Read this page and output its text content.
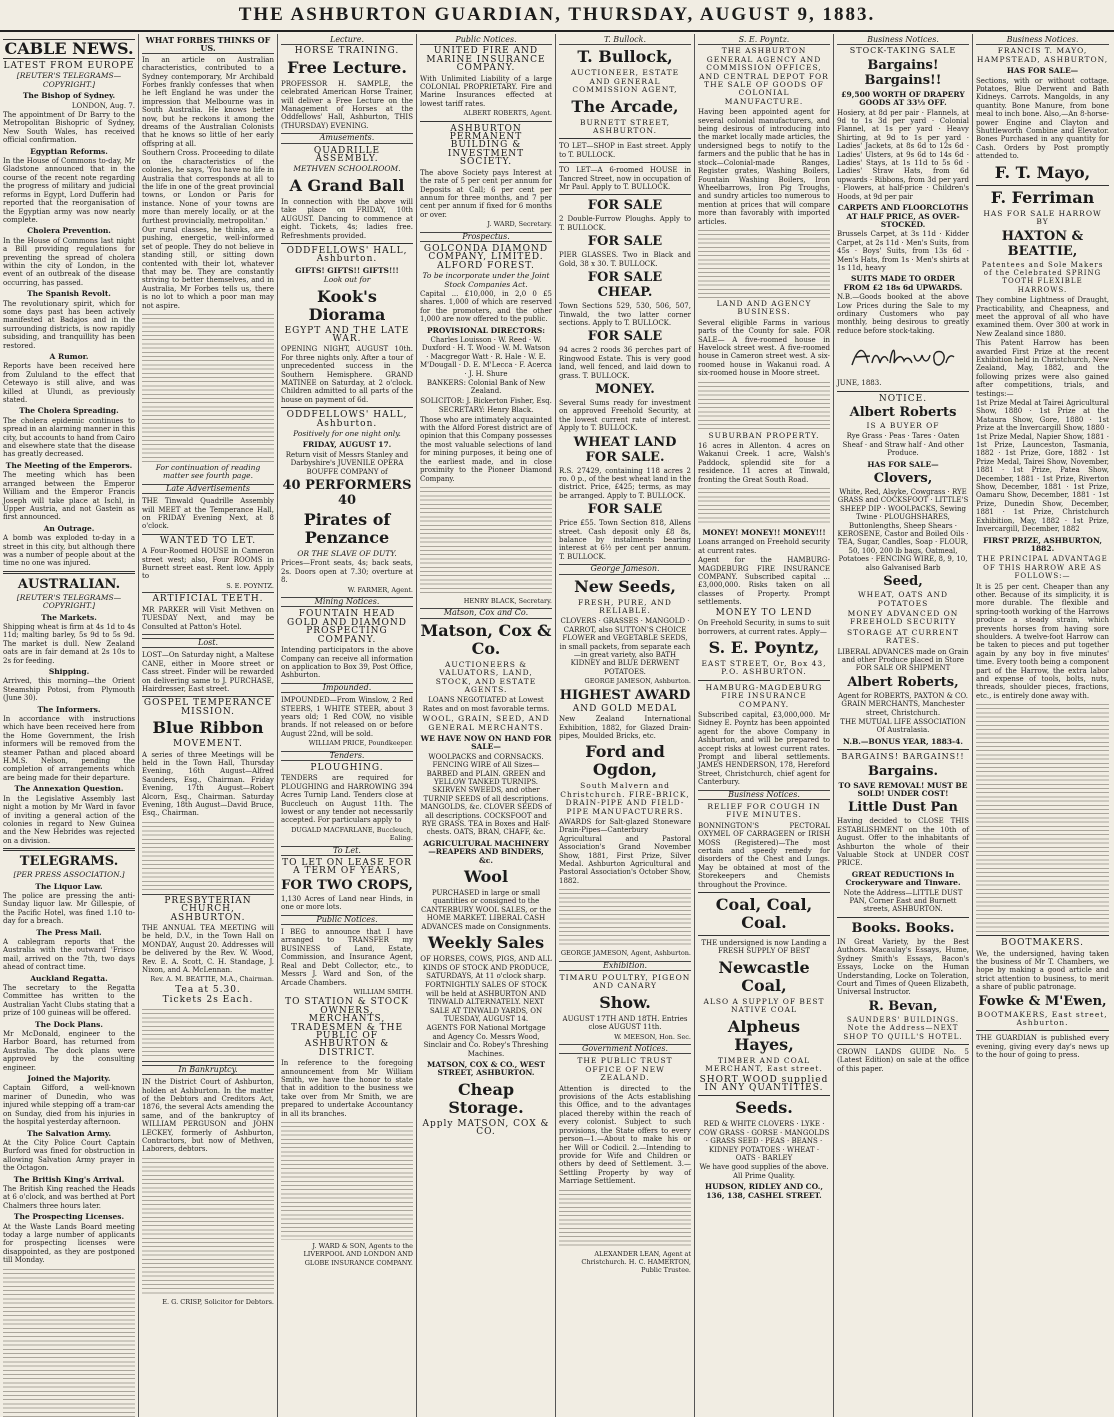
THE ASHBURTON GUARDIAN, THURSDAY, AUGUST 9, 1883.
CABLE NEWS.
LATEST FROM EUROPE
[REUTER'S TELEGRAMS—COPYRIGHT.]
The Bishop of Sydney.
LONDON, Aug. 7.

The appointment of Dr Barry to the Metropolitan Bishopric of Sydney, New South Wales, has received official confirmation.

Egyptian Reforms.

In the House of Commons to-day, Mr Gladstone announced that in the course of the recent note regarding the progress of military and judicial reforms in Egypt, Lord Dufferin had reported that the reorganisation of the Egyptian army was now nearly complete.

Cholera Prevention.

In the House of Commons last night a Bill providing regulations for preventing the spread of cholera within the city of London, in the event of an outbreak of the disease occurring, has passed.

The Spanish Revolt.

The revolutionary spirit, which for some days past has been actively manifested at Badajos and in the surrounding districts, is now rapidly subsiding, and tranquillity has been restored.

A Rumor.

Reports have been received here from Zululand to the effect that Cetewayo is still alive, and was killed at Ulundi, as previously stated.

The Cholera Spreading.

The cholera epidemic continues to spread in an alarming manner in this city, but accounts to hand from Cairo and elsewhere state that the disease has greatly decreased.

The Meeting of the Emperors.

The meeting which has been arranged between the Emperor William and the Emperor Francis Joseph will take place at Ischl, in Upper Austria, and not Gastein as first announced.

An Outrage.

A bomb was exploded to-day in a street in this city, but although there was a number of people about at the time no one was injured.

AUSTRALIAN.
[REUTER'S TELEGRAMS—COPYRIGHT.]
The Markets.

Shipping wheat is firm at 4s 1d to 4s 11d; malting barley, 5s 9d to 5s 9d. The market is dull. New Zealand oats are in fair demand at 2s 10s to 2s for feeding.

Shipping.

Arrived, this morning—the Orient Steamship Potosi, from Plymouth (June 30).

The Informers.

In accordance with instructions which have been received here from the Home Government, the Irish informers will be removed from the steamer Pathan and placed aboard H.M.S. Nelson, pending the completion of arrangements which are being made for their departure.

The Annexation Question.

In the Legislative Assembly last night a motion by Mr Ward in favor of inviting a general action of the colonies in regard to New Guinea and the New Hebrides was rejected on a division.

TELEGRAMS.
[PER PRESS ASSOCIATION.]
The Liquor Law.

The police are pressing the anti-Sunday liquor law. Mr Gillespie, of the Pacific Hotel, was fined 1.10 to-day for a breach.

The Press Mail.

A cablegram reports that the Australia with the outward 'Frisco mail, arrived on the 7th, two days ahead of contract time.

Auckland Regatta.

The secretary to the Regatta Committee has written to the Australian Yacht Clubs stating that a prize of 100 guineas will be offered.

The Dock Plans.

Mr McDonald, engineer to the Harbor Board, has returned from Australia. The dock plans were approved by the consulting engineer.

Joined the Majority.

Captain Gifford, a well-known mariner of Dunedin, who was injured while stepping off a tram-car on Sunday, died from his injuries in the hospital yesterday afternoon.

The Salvation Army.

At the City Police Court Captain Burford was fined for obstruction in allowing Salvation Army prayer in the Octagon.

The British King's Arrival.

The British King reached the Heads at 6 o'clock, and was berthed at Port Chalmers three hours later.

The Prospecting Licenses.

At the Waste Lands Board meeting today a large number of applicants for prospecting licenses were disappointed, as they are postponed till Monday.

WHAT FORBES THINKS OF US.

In an article on Australian characteristics, contributed to a Sydney contemporary, Mr Archibald Forbes frankly confesses that when he left England he was under the impression that Melbourne was in South Australia. He knows better now, but he reckons it among the dreams of the Australian Colonists that he knows so little of her early offspring at all.

Southern Cross. Proceeding to dilate on the characteristics of the colonies, he says, 'You have no life in Australia that corresponds at all to the life in one of the great provincial towns, or London or Paris for instance. None of your towns are more than merely locally, or at the furthest provincially, metropolitan.'

Our rural classes, he thinks, are a pushing, energetic, well-informed set of people. They do not believe in standing still, or sitting down contented with their lot, whatever that may be. They are constantly striving to better themselves, and in Australia, Mr Forbes tells us, there is no lot to which a poor man may not aspire.

For continuation of reading matter see fourth page.
Late Advertisements

THE Tinwald Quadrille Assembly will MEET at the Temperance Hall, on FRIDAY Evening Next, at 8 o'clock.

WANTED TO LET.

A Four-Roomed HOUSE in Cameron street west; also, Four ROOMS in Burnett street east. Rent low. Apply to

S. E. POYNTZ.
ARTIFICIAL TEETH.

MR PARKER will Visit Methven on TUESDAY Next, and may be Consulted at Patton's Hotel.

Lost.

LOST—On Saturday night, a Maltese CANE, either in Moore street or Cass street. Finder will be rewarded on delivering same to J. PURCHASE, Hairdresser, East street.

GOSPEL TEMPERANCE MISSION.
Blue Ribbon
MOVEMENT.

A series of three Meetings will be held in the Town Hall, Thursday Evening, 16th August—Alfred Saunders, Esq., Chairman. Friday Evening, 17th August—Robert Alcorn, Esq., Chairman. Saturday Evening, 18th August—David Bruce, Esq., Chairman.

PRESBYTERIAN CHURCH, ASHBURTON.

THE ANNUAL TEA MEETING will be held, D.V., in the Town Hall on MONDAY, August 20. Addresses will be delivered by the Rev. W. Wood, Rev. E. A. Scott, C. H. Standage, J. Nixon, and A. McLennan.

Rev. A. M. BEATTIE, M.A., Chairman.
Tea at 5.30.
Tickets 2s Each.
In Bankruptcy.

IN the District Court of Ashburton, holden at Ashburton. In the matter of the Debtors and Creditors Act, 1876, the several Acts amending the same, and of the bankruptcy of WILLIAM PERGUSON and JOHN LECKEY, formerly of Ashburton, Contractors, but now of Methven, Laborers, debtors.

E. G. CRISP, Solicitor for Debtors.
Lecture.
HORSE TRAINING.
Free Lecture.

PROFESSOR H. SAMPLE, the celebrated American Horse Trainer, will deliver a Free Lecture on the Management of Horses at the Oddfellows' Hall, Ashburton, THIS (THURSDAY) EVENING.

Amusements.
QUADRILLE ASSEMBLY.
METHVEN SCHOOLROOM.
A Grand Ball

In connection with the above will take place on FRIDAY, 10th AUGUST. Dancing to commence at eight. Tickets, 4s; ladies free. Refreshments provided.

ODDFELLOWS' HALL, Ashburton.
GIFTS! GIFTS!! GIFTS!!!
Look out for
Kook's Diorama
EGYPT AND THE LATE WAR.

OPENING NIGHT, AUGUST 10th. For three nights only. After a tour of unprecedented success in the Southern Hemisphere. GRAND MATINEE on Saturday, at 2 o'clock. Children admitted to all parts of the house on payment of 6d.

ODDFELLOWS' HALL, Ashburton.
Positively for one night only.
FRIDAY, AUGUST 17.

Return visit of Messrs Stanley and Darbyshire's JUVENILE OPERA BOUFFE COMPANY of

40 PERFORMERS 40
Pirates of Penzance
OR THE SLAVE OF DUTY.

Prices—Front seats, 4s; back seats, 2s. Doors open at 7.30; overture at 8.

W. FARMER, Agent.
Mining Notices.
FOUNTAIN HEAD GOLD AND DIAMOND PROSPECTING COMPANY.

Intending participators in the above Company can receive all information on application to Box 39, Post Office, Ashburton.

Impounded.

IMPOUNDED—From Winslow, 2 Red STEERS, 1 WHITE STEER, about 3 years old; 1 Red COW, no visible brands. If not released on or before August 22nd, will be sold.

WILLIAM PRICE, Poundkeeper.
Tenders.
PLOUGHING.

TENDERS are required for PLOUGHING and HARROWING 394 Acres Turnip Land. Tenders close at Buccleuch on August 11th. The lowest or any tender not necessarily accepted. For particulars apply to

DUGALD MACFARLANE, Buccleuch, Ealing.
To Let.
TO LET ON LEASE FOR A TERM OF YEARS,
FOR TWO CROPS,

1,130 Acres of Land near Hinds, in one or more lots.

Public Notices.

I BEG to announce that I have arranged to TRANSFER my BUSINESS of Land, Estate, Commission, and Insurance Agent, Real and Debt Collector, etc., to Messrs J. Ward and Son, of the Arcade Chambers.

WILLIAM SMITH.
TO STATION & STOCK OWNERS, MERCHANTS, TRADESMEN & THE PUBLIC OF ASHBURTON & DISTRICT.

In reference to the foregoing announcement from Mr William Smith, we have the honor to state that in addition to the business we take over from Mr Smith, we are prepared to undertake Accountancy in all its branches.

J. WARD & SON, Agents to the LIVERPOOL AND LONDON AND GLOBE INSURANCE COMPANY.
Public Notices.
UNITED FIRE AND MARINE INSURANCE COMPANY.

With Unlimited Liability of a large COLONIAL PROPRIETARY. Fire and Marine Insurances effected at lowest tariff rates.

ALBERT ROBERTS, Agent.
ASHBURTON PERMANENT BUILDING & INVESTMENT SOCIETY.

The above Society pays Interest at the rate of 5 per cent per annum for Deposits at Call; 6 per cent per annum for three months, and 7 per cent per annum if fixed for 6 months or over.

J. WARD, Secretary.
Prospectus.
GOLCONDA DIAMOND COMPANY, LIMITED. ALFORD FOREST.
To be incorporate under the Joint Stock Companies Act.

Capital ... £10,000, in 2,0 0 £5 shares. 1,000 of which are reserved for the promoters, and the other 1,000 are now offered to the public.

PROVISIONAL DIRECTORS:

Charles Louisson · W. Reed · W. Duxford · H. T. Wood · W. M. Watson · Macgregor Watt · R. Hale · W. E. M'Dougall · D. E. M'Lecca · F. Acerca · J. H. Shure

BANKERS: Colonial Bank of New Zealand.

SOLICITOR: J. Bickerton Fisher, Esq.

SECRETARY: Henry Black.

Those who are intimately acquainted with the Alford Forest district are of opinion that this Company possesses the most valuable selections of land for mining purposes, it being one of the earliest made, and in close proximity to the Pioneer Diamond Company.

HENRY BLACK, Secretary.
Matson, Cox and Co.
Matson, Cox & Co.
AUCTIONEERS & VALUATORS, LAND, STOCK, AND ESTATE AGENTS.

LOANS NEGOTIATED at Lowest Rates and on most favorable terms.

WOOL, GRAIN, SEED, AND GENERAL MERCHANTS.
WE HAVE NOW ON HAND FOR SALE—

WOOLPACKS and CORNSACKS. FENCING WIRE of All Sizes—BARBED and PLAIN. GREEN and YELLOW TANKED TURNIPS. SKIRVEN SWEEDS, and other TURNIP SEEDS of all descriptions. MANGOLDS, &c. CLOVER SEEDS of all descriptions. COCKSFOOT and RYE GRASS. TEA in Boxes and Half-chests. OATS, BRAN, CHAFF, &c.

AGRICULTURAL MACHINERY—REAPERS AND BINDERS, &c.
Wool

PURCHASED in large or small quantities or consigned to the CANTERBURY WOOL SALES, or the HOME MARKET. LIBERAL CASH ADVANCES made on Consignments.

Weekly Sales

OF HORSES, COWS, PIGS, AND ALL KINDS OF STOCK AND PRODUCE, SATURDAYS, At 11 o'clock sharp.

FORTNIGHTLY SALES OF STOCK will be held at ASHBURTON AND TINWALD ALTERNATELY. NEXT SALE AT TINWALD YARDS, ON TUESDAY, AUGUST 14.

AGENTS FOR National Mortgage and Agency Co. Messrs Wood, Sinclair and Co. Robey's Threshing Machines.

MATSON, COX & CO., WEST STREET, ASHBURTON.
Cheap Storage.
Apply MATSON, COX & CO.
T. Bullock.
T. Bullock,
AUCTIONEER, ESTATE AND GENERAL COMMISSION AGENT,
The Arcade,
BURNETT STREET, ASHBURTON.

TO LET—SHOP in East street. Apply to T. BULLOCK.

TO LET—A 6-roomed HOUSE in Tancred Street, now in occupation of Mr Paul. Apply to T. BULLOCK.

FOR SALE

2 Double-Furrow Ploughs. Apply to T. BULLOCK.

FOR SALE

PIER GLASSES. Two in Black and Gold, 38 x 30. T. BULLOCK.

FOR SALE CHEAP.

Town Sections 529, 530, 506, 507, Tinwald, the two latter corner sections. Apply to T. BULLOCK.

FOR SALE

94 acres 2 roods 36 perches part of Ringwood Estate. This is very good land, well fenced, and laid down to grass. T. BULLOCK.

MONEY.

Several Sums ready for investment on approved Freehold Security, at the lowest current rate of interest. Apply to T. BULLOCK.

WHEAT LAND FOR SALE.

R.S. 27429, containing 118 acres 2 ro. 0 p., of the best wheat land in the district. Price, £425; terms, as may be arranged. Apply to T. BULLOCK.

FOR SALE

Price £55. Town Section 818, Allens street. Cash deposit only £8 8s, balance by instalments bearing interest at 6½ per cent per annum. T. BULLOCK.

George Jameson.
New Seeds,
FRESH, PURE, AND RELIABLE.

CLOVERS · GRASSES · MANGOLD · CARROT, also SUTTON'S CHOICE FLOWER and VEGETABLE SEEDS, in small packets, from separate each—in great variety, also BATH KIDNEY and BLUE DERWENT POTATOES.

GEORGE JAMESON, Ashburton.
HIGHEST AWARD
AND GOLD MEDAL

New Zealand International Exhibition, 1882, for Glazed Drain-pipes, Moulded Bricks, etc.

Ford and Ogdon,
South Malvern and Christchurch. FIRE-BRICK, DRAIN-PIPE AND FIELD-PIPE MANUFACTURERS.

AWARDS for Salt-glazed Stoneware Drain-Pipes—Canterbury Agricultural and Pastoral Association's Grand November Show, 1881, First Prize, Silver Medal. Ashburton Agricultural and Pastoral Association's October Show, 1882.

GEORGE JAMESON, Agent, Ashburton.
Exhibition.
TIMARU POULTRY, PIGEON AND CANARY
Show.

AUGUST 17TH AND 18TH. Entries close AUGUST 11th.

W. MEESON, Hon. Sec.
Government Notices.
THE PUBLIC TRUST OFFICE OF NEW ZEALAND.

Attention is directed to the provisions of the Acts establishing this Office, and to the advantages placed thereby within the reach of every colonist. Subject to such provisions, the State offers to every person—1.—About to make his or her Will or Codicil. 2.—Intending to provide for Wife and Children or others by deed of Settlement. 3.—Settling Property by way of Marriage Settlement.

ALEXANDER LEAN, Agent at Christchurch. H. C. HAMERTON, Public Trustee.
S. E. Poyntz.
THE ASHBURTON GENERAL AGENCY AND COMMISSION OFFICES, AND CENTRAL DEPOT FOR THE SALE OF GOODS OF COLONIAL MANUFACTURE.

Having been appointed agent for several colonial manufacturers, and being desirous of introducing into the market locally made articles, the undersigned begs to notify to the farmers and the public that he has in stock—Colonial-made Ranges, Register grates, Washing Boilers, Fountain Washing Boilers, Iron Wheelbarrows, Iron Pig Troughs, and sundry articles too numerous to mention at prices that will compare more than favorably with imported articles.

LAND AND AGENCY BUSINESS.

Several eligible Farms in various parts of the County for sale. FOR SALE— A five-roomed house in Havelock street west. A five-roomed house in Cameron street west. A six-roomed house in Wakanui road. A six-roomed house in Moore street.

SUBURBAN PROPERTY.

16 acres in Allenton. 4 acres on Wakanui Creek. 1 acre, Walsh's Paddock, splendid site for a residence. 11 acres at Tinwald, fronting the Great South Road.

MONEY! MONEY!! MONEY!!!

Loans arranged on Freehold security at current rates.

Agent for the HAMBURG-MAGDEBURG FIRE INSURANCE COMPANY. Subscribed capital ... £3,000,000. Risks taken on all classes of Property. Prompt settlements.

MONEY TO LEND

On Freehold Security, in sums to suit borrowers, at current rates. Apply—

S. E. Poyntz,
EAST STREET, Or, Box 43, P.O. ASHBURTON.
HAMBURG-MAGDEBURG FIRE INSURANCE COMPANY.

Subscribed capital, £3,000,000. Mr Sidney E. Poyntz has been appointed agent for the above Company in Ashburton, and will be prepared to accept risks at lowest current rates. Prompt and liberal settlements. JAMES HENDERSON, 178, Hereford Street, Christchurch, chief agent for Canterbury.

Business Notices.
RELIEF FOR COUGH IN FIVE MINUTES.

BONNINGTON'S PECTORAL OXYMEL OF CARRAGEEN or IRISH MOSS (Registered)—The most certain and speedy remedy for disorders of the Chest and Lungs. May be obtained at most of the Storekeepers and Chemists throughout the Province.

Coal, Coal, Coal.

THE undersigned is now Landing a FRESH SUPPLY OF BEST

Newcastle Coal,
ALSO A SUPPLY OF BEST NATIVE COAL
Alpheus Hayes,
TIMBER AND COAL MERCHANT, East street.
SHORT WOOD supplied IN ANY QUANTITIES.
Seeds.

RED & WHITE CLOVERS · LYKE · COW GRASS · GORSE · MANGOLDS · GRASS SEED · PEAS · BEANS · KIDNEY POTATOES · WHEAT · OATS · BARLEY

We have good supplies of the above. All Prime Quality.

HUDSON, RIDLEY AND CO., 136, 138, CASHEL STREET.
Business Notices.
STOCK-TAKING SALE
Bargains! Bargains!!
£9,500 WORTH OF DRAPERY GOODS AT 33⅓ OFF.

Hosiery, at 8d per pair · Flannels, at 9d to 1s 3d per yard · Colonial Flannel, at 1s per yard · Heavy Shirting, at 9d to 1s per yard · Ladies' Jackets, at 8s 6d to 12s 6d · Ladies' Ulsters, at 9s 6d to 14s 6d · Ladies' Stays, at 1s 11d to 5s 6d · Ladies' Straw Hats, from 6d upwards · Ribbons, from 3d per yard · Flowers, at half-price · Children's Hoods, at 9d per pair

CARPETS AND FLOORCLOTHS AT HALF PRICE, AS OVER-STOCKED.

Brussels Carpet, at 3s 11d · Kidder Carpet, at 2s 11d · Men's Suits, from 45s · Boys' Suits, from 13s 6d · Men's Hats, from 1s · Men's shirts at 1s 11d, heavy

SUITS MADE TO ORDER FROM £2 18s 6d UPWARDS.

N.B.—Goods booked at the above Low Prices during the Sale to my ordinary Customers who pay monthly, being desirous to greatly reduce before stock-taking.

JUNE, 1883.
NOTICE.
Albert Roberts
IS A BUYER OF

Rye Grass · Peas · Tares · Oaten Sheaf · and Straw half · And other Produce.

HAS FOR SALE—
Clovers,

White, Red, Alsyke, Cowgrass · RYE GRASS and COCKSFOOT · LITTLE'S SHEEP DIP · WOOLPACKS, Sewing Twine · PLOUGHSHARES, Buttonlengths, Sheep Shears · KEROSENE, Castor and Boiled Oils · TEA, Sugar, Candles, Soap · FLOUR, 50, 100, 200 lb bags, Oatmeal, Potatoes · FENCING WIRE, 8, 9, 10, also Galvanised Barb

Seed,
WHEAT, OATS AND POTATOES
MONEY ADVANCED ON FREEHOLD SECURITY
STORAGE AT CURRENT RATES.

LIBERAL ADVANCES made on Grain and other Produce placed in Store FOR SALE OR SHIPMENT

Albert Roberts,

Agent for ROBERTS, PAXTON & CO. GRAIN MERCHANTS, Manchester street, Christchurch.

THE MUTUAL LIFE ASSOCIATION Of Australasia.

N.B.—BONUS YEAR, 1883-4.
BARGAINS! BARGAINS!!
Bargains.
TO SAVE REMOVAL! MUST BE SOLD! UNDER COST!
Little Dust Pan

Having decided to CLOSE THIS ESTABLISHMENT on the 10th of August. Offer to the inhabitants of Ashburton the whole of their Valuable Stock at UNDER COST PRICE.

GREAT REDUCTIONS In Crockeryware and Tinware.

Note the Address—LITTLE DUST PAN, Corner East and Burnett streets, ASHBURTON.

Books. Books.

IN Great Variety, by the Best Authors. Macaulay's Essays, Hume, Sydney Smith's Essays, Bacon's Essays, Locke on the Human Understanding, Locke on Toleration, Court and Times of Queen Elizabeth, Universal Instructor.

R. Bevan,
SAUNDERS' BUILDINGS. Note the Address—NEXT SHOP TO QUILL'S HOTEL.

CROWN LANDS GUIDE No. 5 (Latest Edition) on sale at the office of this paper.

Business Notices.
FRANCIS T. MAYO, HAMPSTEAD, ASHBURTON,
HAS FOR SALE—

Sections, with or without cottage. Potatoes, Blue Derwent and Bath Kidneys. Carrots. Mangolds, in any quantity. Bone Manure, from bone meal to inch bone. Also,—An 8-horse-power Engine and Clayton and Shuttleworth Combine and Elevator. Bones Purchased in any quantity for Cash. Orders by Post promptly attended to.

F. T. Mayo,
F. Ferriman
HAS FOR SALE HARROW BY
HAXTON & BEATTIE,
Patentees and Sole Makers of the Celebrated SPRING TOOTH FLEXIBLE HARROWS.

They combine Lightness of Draught, Practicability, and Cheapness, and meet the approval of all who have examined them. Over 300 at work in New Zealand since 1880.

This Patent Harrow has been awarded First Prize at the recent Exhibition held in Christchurch, New Zealand, May, 1882, and the following prizes were also gained after competitions, trials, and testings:—

1st Prize Medal at Tairei Agricultural Show, 1880 · 1st Prize at the Mataura Show, Gore, 1880 · 1st Prize at the Invercargill Show, 1880 · 1st Prize Medal, Napier Show, 1881 · 1st Prize, Launceston, Tasmania, 1882 · 1st Prize, Gore, 1882 · 1st Prize Medal, Tairei Show, November, 1881 · 1st Prize, Patea Show, December, 1881 · 1st Prize, Riverton Show, December, 1881 · 1st Prize, Oamaru Show, December, 1881 · 1st Prize, Dunedin Show, December, 1881 · 1st Prize, Christchurch Exhibition, May, 1882 · 1st Prize, Invercargill, December, 1882

FIRST PRIZE, ASHBURTON, 1882.
THE PRINCIPAL ADVANTAGE OF THIS HARROW ARE AS FOLLOWS:—

It is 25 per cent. Cheaper than any other. Because of its simplicity, it is more durable. The flexible and spring-tooth working of the Harrows produce a steady strain, which prevents horses from having sore shoulders. A twelve-foot Harrow can be taken to pieces and put together again by any boy in five minutes' time. Every tooth being a component part of the Harrow, the extra labor and expense of tools, bolts, nuts, threads, shoulder pieces, fractions, etc., is entirely done away with.

BOOTMAKERS.

We, the undersigned, having taken the business of Mr T. Chambers, we hope by making a good article and strict attention to business, to merit a share of public patronage.

Fowke & M'Ewen,
BOOTMAKERS, East street, Ashburton.

THE GUARDIAN is published every evening, giving every day's news up to the hour of going to press.
